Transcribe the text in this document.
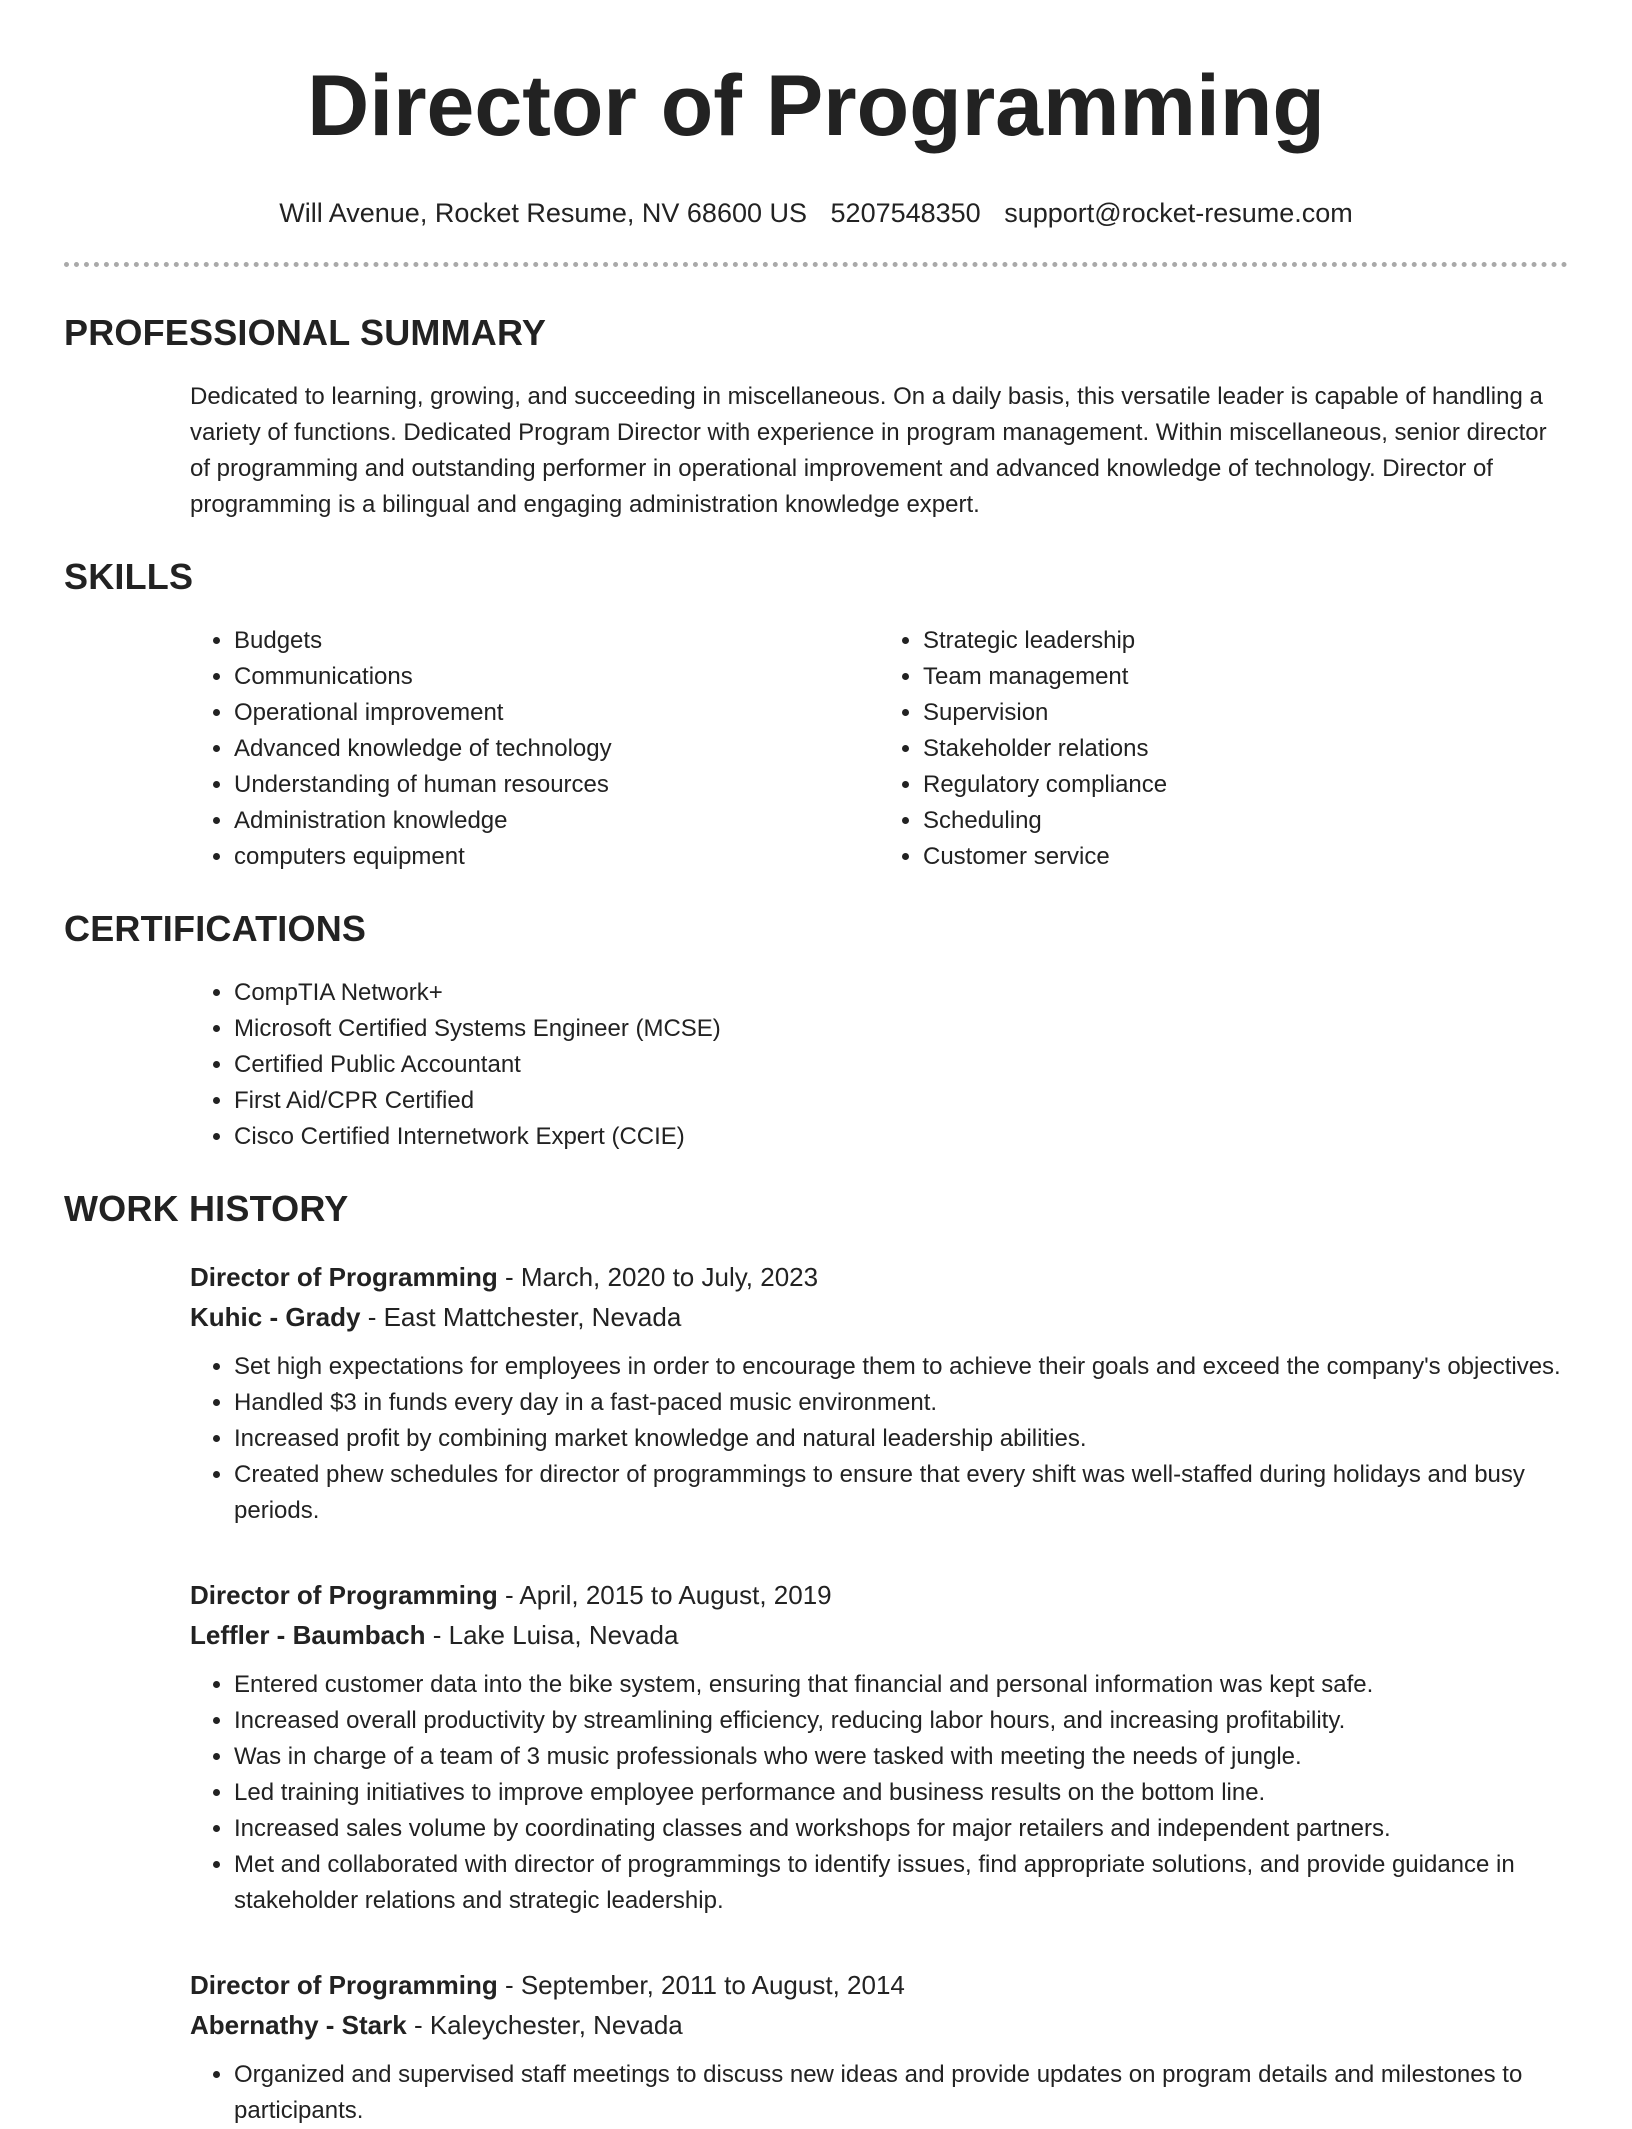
Director of Programming
Will Avenue, Rocket Resume, NV 68600 US 5207548350 support@rocket-resume.com
PROFESSIONAL SUMMARY

Dedicated to learning, growing, and succeeding in miscellaneous. On a daily basis, this versatile leader is capable of handling a variety of functions. Dedicated Program Director with experience in program management. Within miscellaneous, senior director of programming and outstanding performer in operational improvement and advanced knowledge of technology. Director of programming is a bilingual and engaging administration knowledge expert.

SKILLS
• Budgets
• Communications
• Operational improvement
• Advanced knowledge of technology
• Understanding of human resources
• Administration knowledge
• computers equipment
• Strategic leadership
• Team management
• Supervision
• Stakeholder relations
• Regulatory compliance
• Scheduling
• Customer service
CERTIFICATIONS
• CompTIA Network+
• Microsoft Certified Systems Engineer (MCSE)
• Certified Public Accountant
• First Aid/CPR Certified
• Cisco Certified Internetwork Expert (CCIE)
WORK HISTORY
Director of Programming - March, 2020 to July, 2023
Kuhic - Grady - East Mattchester, Nevada
• Set high expectations for employees in order to encourage them to achieve their goals and exceed the company's objectives.
• Handled $3 in funds every day in a fast-paced music environment.
• Increased profit by combining market knowledge and natural leadership abilities.
• Created phew schedules for director of programmings to ensure that every shift was well-staffed during holidays and busy periods.
Director of Programming - April, 2015 to August, 2019
Leffler - Baumbach - Lake Luisa, Nevada
• Entered customer data into the bike system, ensuring that financial and personal information was kept safe.
• Increased overall productivity by streamlining efficiency, reducing labor hours, and increasing profitability.
• Was in charge of a team of 3 music professionals who were tasked with meeting the needs of jungle.
• Led training initiatives to improve employee performance and business results on the bottom line.
• Increased sales volume by coordinating classes and workshops for major retailers and independent partners.
• Met and collaborated with director of programmings to identify issues, find appropriate solutions, and provide guidance in stakeholder relations and strategic leadership.
Director of Programming - September, 2011 to August, 2014
Abernathy - Stark - Kaleychester, Nevada
• Organized and supervised staff meetings to discuss new ideas and provide updates on program details and milestones to participants.
